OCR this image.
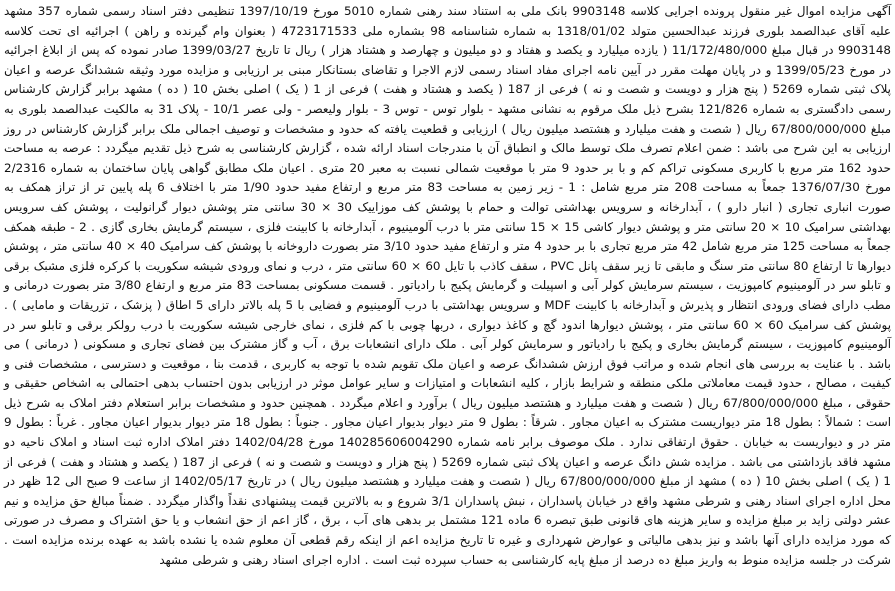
آگهی مزایده اموال غیر منقول پرونده اجرایی کلاسه 9903148 بانک ملی به استناد سند رهنی شماره 5010 مورخ 1397/10/19 تنظیمی دفتر اسناد رسمی شماره 357 مشهد علیه آقای عبدالصمد بلوری فرزند عبدالحسین متولد 1318/01/02 به شماره شناسنامه 98 بشماره ملی 4723171533 ( بعنوان وام گیرنده و راهن ) اجرائیه ای تحت کلاسه 9903148 در قبال مبلغ 11/172/480/000 ( یازده میلیارد و یکصد و هفتاد و دو میلیون و چهارصد و هشتاد هزار ) ریال تا تاریخ 1399/03/27 صادر نموده که پس از ابلاغ اجرائیه در مورخ 1399/05/23 و در پایان مهلت مقرر در آیین نامه اجرای مفاد اسناد رسمی لازم الاجرا و تقاضای بستانکار مبنی بر ارزیابی و مزایده مورد وثیقه ششدانگ عرصه و اعیان پلاک ثبتی شماره 5269 ( پنج هزار و دویست و شصت و نه ) فرعی از 187 ( یکصد و هشتاد و هفت ) فرعی از 1 ( یک ) اصلی بخش 10 ( ده ) مشهد برابر گزارش کارشناس رسمی دادگستری به شماره 121/826 بشرح ذیل ملک مرقوم به نشانی مشهد - بلوار توس - توس 3 - بلوار ولیعصر - ولی عصر 10/1 - پلاک 31 به مالکیت عبدالصمد بلوری به مبلغ 67/800/000/000 ریال ( شصت و هفت میلیارد و هشتصد میلیون ریال ) ارزیابی و قطعیت یافته که حدود و مشخصات و توصیف اجمالی ملک برابر گزارش کارشناس در روز ارزیابی به این شرح می باشد : ضمن اعلام تصرف ملک توسط مالک و انطباق آن با مندرجات اسناد ارائه شده ، گزارش کارشناسی به شرح ذیل تقدیم میگردد : عرصه به مساحت حدود 162 متر مربع با کاربری مسکونی تراکم کم و با بر حدود 9 متر با موقعیت شمالی نسبت به معبر 20 متری . اعیان ملک مطابق گواهی پایان ساختمان به شماره 2/2316 مورخ 1376/07/30 جمعاً به مساحت 208 متر مربع شامل : 1 - زیر زمین به مساحت 83 متر مربع و ارتفاع مفید حدود 1/90 متر با اختلاف 6 پله پایین تر از تراز همکف به صورت انباری تجاری ( انبار دارو ) ، آبدارخانه و سرویس بهداشتی توالت و حمام با پوشش کف موزاییک 30 × 30 سانتی متر پوشش دیوار گرانولیت ، پوشش کف سرویس بهداشتی سرامیک 10 × 20 سانتی متر و پوشش دیوار کاشی 15 × 15 سانتی متر با درب آلومینیوم ، آبدارخانه با کابینت فلزی ، سیستم گرمایش بخاری گازی . 2 - طبقه همکف جمعاً به مساحت 125 متر مربع شامل 42 متر مربع تجاری با بر حدود 4 متر و ارتفاع مفید حدود 3/10 متر بصورت داروخانه با پوشش کف سرامیک 40 × 40 سانتی متر ، پوشش دیوارها تا ارتفاع 80 سانتی متر سنگ و مابقی تا زیر سقف پانل PVC ، سقف کاذب با تایل 60 × 60 سانتی متر ، درب و نمای ورودی شیشه سکوریت با کرکره فلزی مشبک برقی و تابلو سر در آلومینیوم کامپوزیت ، سیستم سرمایش کولر آبی و اسپیلت و گرمایش پکیج با رادیاتور . قسمت مسکونی بمساحت 83 متر مربع و ارتفاع 3/80 متر بصورت درمانی و مطب دارای فضای ورودی انتظار و پذیرش و آبدارخانه با کابینت MDF و سرویس بهداشتی با درب آلومینیوم و فضایی با 5 پله بالاتر دارای 5 اطاق ( پزشک ، تزریقات و مامایی ) . پوشش کف سرامیک 60 × 60 سانتی متر ، پوشش دیوارها اندود گچ و کاغذ دیواری ، دربها چوبی با کم فلزی ، نمای خارجی شیشه سکوریت با درب رولکر برقی و تابلو سر در آلومینیوم کامپوزیت ، سیستم گرمایش بخاری و پکیج با رادیاتور و سرمایش کولر آبی . ملک دارای انشعابات برق ، آب و گاز مشترک بین فضای تجاری و مسکونی ( درمانی ) می باشد . با عنایت به بررسی های انجام شده و مراتب فوق ارزش ششدانگ عرصه و اعیان ملک تقویم شده با توجه به کاربری ، قدمت بنا ، موقعیت و دسترسی ، مشخصات فنی و کیفیت ، مصالح ، حدود قیمت معاملاتی ملکی منطقه و شرایط بازار ، کلیه انشعابات و امتیازات و سایر عوامل موثر در ارزیابی بدون احتساب بدهی احتمالی به اشخاص حقیقی و حقوقی ، مبلغ 67/800/000/000 ریال ( شصت و هفت میلیارد و هشتصد میلیون ریال ) برآورد و اعلام میگردد . همچنین حدود و مشخصات برابر استعلام دفتر املاک به شرح ذیل است : شمالاً : بطول 18 متر دیواریست مشترک به اعیان مجاور . شرقاً : بطول 9 متر دیوار بدیوار اعیان مجاور . جنوباً : بطول 18 متر دیوار بدیوار اعیان مجاور . غرباً : بطول 9 متر در و دیواریست به خیابان . حقوق ارتفاقی ندارد . ملک موصوف برابر نامه شماره 140285606004290 مورخ 1402/04/28 دفتر املاک اداره ثبت اسناد و املاک ناحیه دو مشهد فاقد بازداشتی می باشد . مزایده شش دانگ عرصه و اعیان پلاک ثبتی شماره 5269 ( پنج هزار و دویست و شصت و نه ) فرعی از 187 ( یکصد و هشتاد و هفت ) فرعی از 1 ( یک ) اصلی بخش 10 ( ده ) مشهد از مبلغ 67/800/000/000 ریال ( شصت و هفت میلیارد و هشتصد میلیون ریال ) در تاریخ 1402/05/17 از ساعت 9 صبح الی 12 ظهر در محل اداره اجرای اسناد رهنی و شرطی مشهد واقع در خیابان پاسداران ، نبش پاسداران 3/1 شروع و به بالاترین قیمت پیشنهادی نقداً واگذار میگردد . ضمناً مبالغ حق مزایده و نیم عشر دولتی زاید بر مبلغ مزایده و سایر هزینه های قانونی طبق تبصره 6 ماده 121 مشتمل بر بدهی های آب ، برق ، گاز اعم از حق انشعاب و یا حق اشتراک و مصرف در صورتی که مورد مزایده دارای آنها باشد و نیز بدهی مالیاتی و عوارض شهرداری و غیره تا تاریخ مزایده اعم از اینکه رقم قطعی آن معلوم شده یا نشده باشد به عهده برنده مزایده است . شرکت در جلسه مزایده منوط به واریز مبلغ ده درصد از مبلغ پایه کارشناسی به حساب سپرده ثبت است . اداره اجرای اسناد رهنی و شرطی مشهد
